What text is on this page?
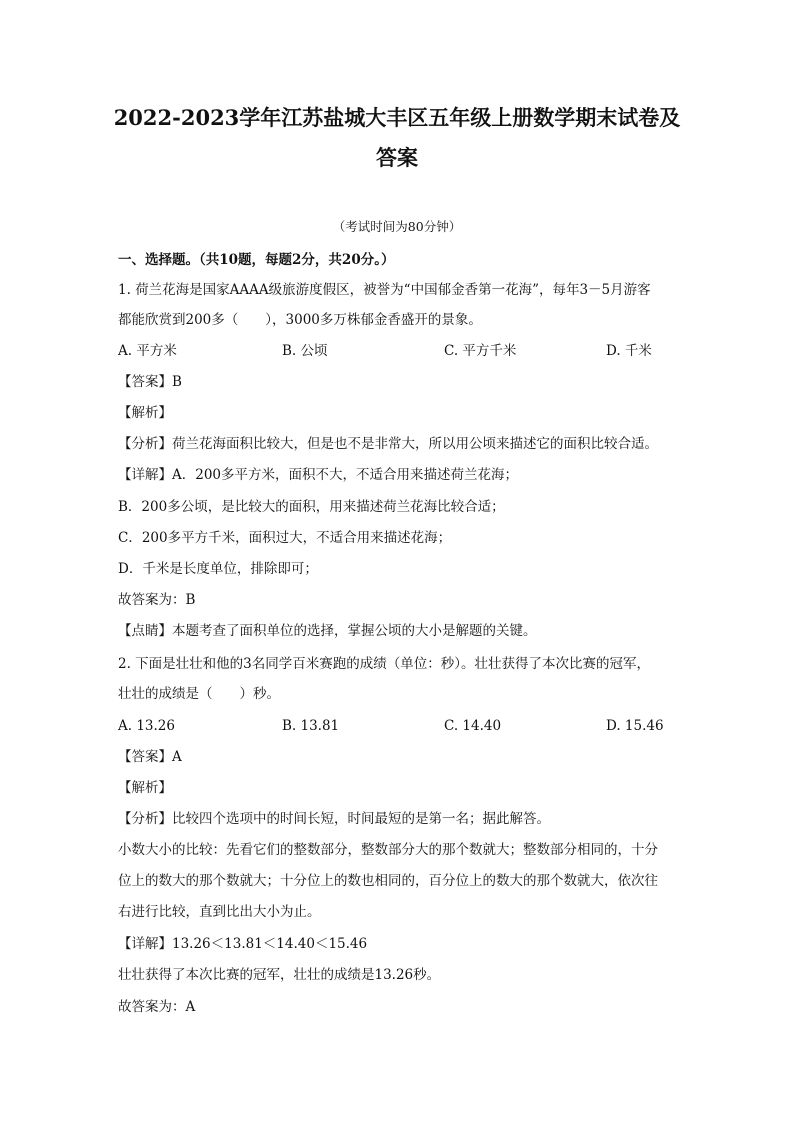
2022-2023学年江苏盐城大丰区五年级上册数学期末试卷及
答案
（考试时间为80分钟）
一、选择题。（共10题，每题2分，共20分。）
1. 荷兰花海是国家AAAA级旅游度假区，被誉为“中国郁金香第一花海”，每年3－5月游客
都能欣赏到200多（　　），3000多万株郁金香盛开的景象。
A. 平方米	B. 公顷	C. 平方千米	D. 千米
【答案】B
【解析】
【分析】荷兰花海面积比较大，但是也不是非常大，所以用公顷来描述它的面积比较合适。
【详解】A．200多平方米，面积不大，不适合用来描述荷兰花海；
B．200多公顷，是比较大的面积，用来描述荷兰花海比较合适；
C．200多平方千米，面积过大，不适合用来描述花海；
D．千米是长度单位，排除即可；
故答案为：B
【点睛】本题考查了面积单位的选择，掌握公顷的大小是解题的关键。
2. 下面是壮壮和他的3名同学百米赛跑的成绩（单位：秒）。壮壮获得了本次比赛的冠军，
壮壮的成绩是（　　）秒。
A. 13.26	B. 13.81	C. 14.40	D. 15.46
【答案】A
【解析】
【分析】比较四个选项中的时间长短，时间最短的是第一名；据此解答。
小数大小的比较：先看它们的整数部分，整数部分大的那个数就大；整数部分相同的，十分
位上的数大的那个数就大；十分位上的数也相同的，百分位上的数大的那个数就大，依次往
右进行比较，直到比出大小为止。
【详解】13.26＜13.81＜14.40＜15.46
壮壮获得了本次比赛的冠军，壮壮的成绩是13.26秒。
故答案为：A
